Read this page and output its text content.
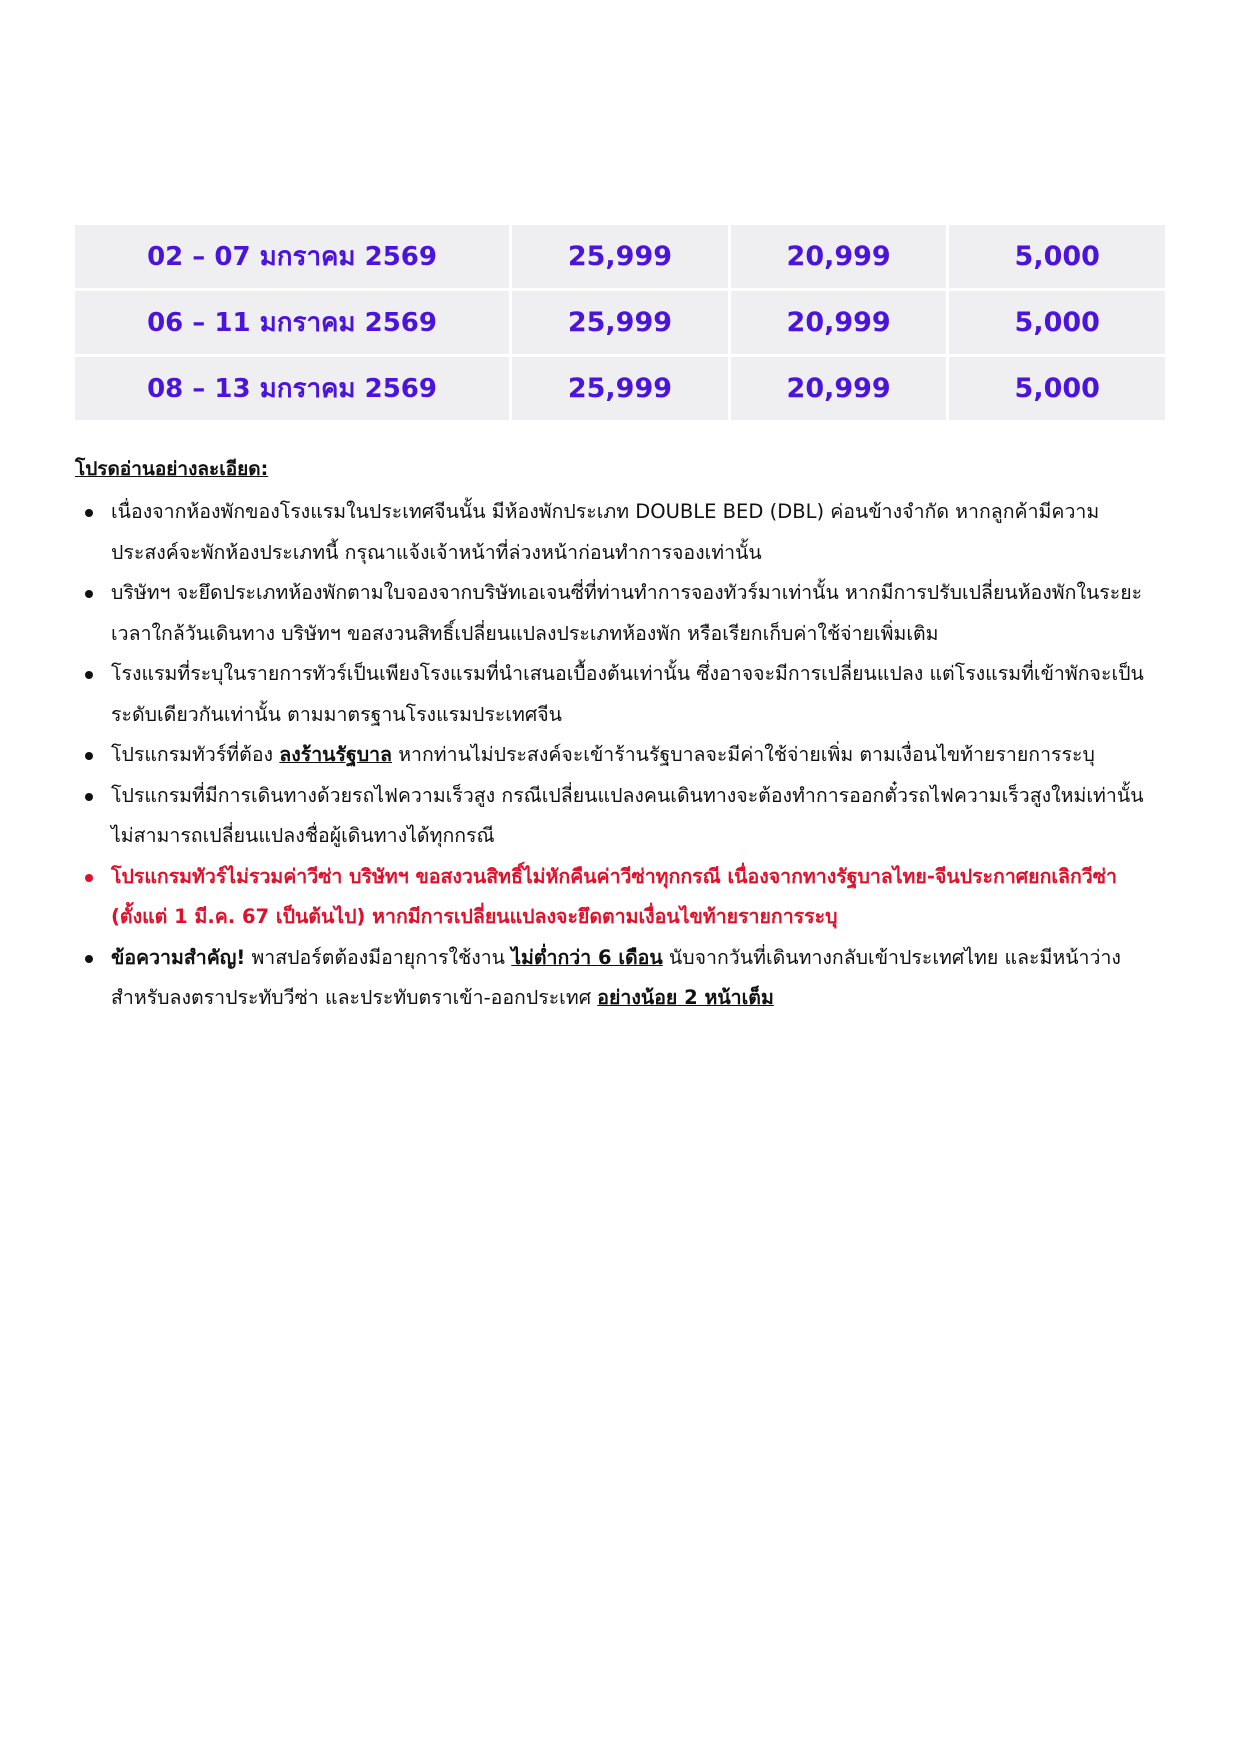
02 – 07 มกราคม 2569	25,999	20,999	5,000
06 – 11 มกราคม 2569	25,999	20,999	5,000
08 – 13 มกราคม 2569	25,999	20,999	5,000
โปรดอ่านอย่างละเอียด:
เนื่องจากห้องพักของโรงแรมในประเทศจีนนั้น มีห้องพักประเภท DOUBLE BED (DBL) ค่อนข้างจำกัด หากลูกค้ามีความประสงค์จะพักห้องประเภทนี้ กรุณาแจ้งเจ้าหน้าที่ล่วงหน้าก่อนทำการจองเท่านั้น
บริษัทฯ จะยึดประเภทห้องพักตามใบจองจากบริษัทเอเจนซี่ที่ท่านทำการจองทัวร์มาเท่านั้น หากมีการปรับเปลี่ยนห้องพักในระยะเวลาใกล้วันเดินทาง บริษัทฯ ขอสงวนสิทธิ์เปลี่ยนแปลงประเภทห้องพัก หรือเรียกเก็บค่าใช้จ่ายเพิ่มเติม
โรงแรมที่ระบุในรายการทัวร์เป็นเพียงโรงแรมที่นำเสนอเบื้องต้นเท่านั้น ซึ่งอาจจะมีการเปลี่ยนแปลง แต่โรงแรมที่เข้าพักจะเป็นระดับเดียวกันเท่านั้น ตามมาตรฐานโรงแรมประเทศจีน
โปรแกรมทัวร์ที่ต้อง ลงร้านรัฐบาล หากท่านไม่ประสงค์จะเข้าร้านรัฐบาลจะมีค่าใช้จ่ายเพิ่ม ตามเงื่อนไขท้ายรายการระบุ
โปรแกรมที่มีการเดินทางด้วยรถไฟความเร็วสูง กรณีเปลี่ยนแปลงคนเดินทางจะต้องทำการออกตั๋วรถไฟความเร็วสูงใหม่เท่านั้น ไม่สามารถเปลี่ยนแปลงชื่อผู้เดินทางได้ทุกกรณี
โปรแกรมทัวร์ไม่รวมค่าวีซ่า บริษัทฯ ขอสงวนสิทธิ์ไม่หักคืนค่าวีซ่าทุกกรณี เนื่องจากทางรัฐบาลไทย-จีนประกาศยกเลิกวีซ่า (ตั้งแต่ 1 มี.ค. 67 เป็นต้นไป) หากมีการเปลี่ยนแปลงจะยึดตามเงื่อนไขท้ายรายการระบุ
ข้อความสำคัญ! พาสปอร์ตต้องมีอายุการใช้งาน ไม่ต่ำกว่า 6 เดือน นับจากวันที่เดินทางกลับเข้าประเทศไทย และมีหน้าว่างสำหรับลงตราประทับวีซ่า และประทับตราเข้า-ออกประเทศ อย่างน้อย 2 หน้าเต็ม
